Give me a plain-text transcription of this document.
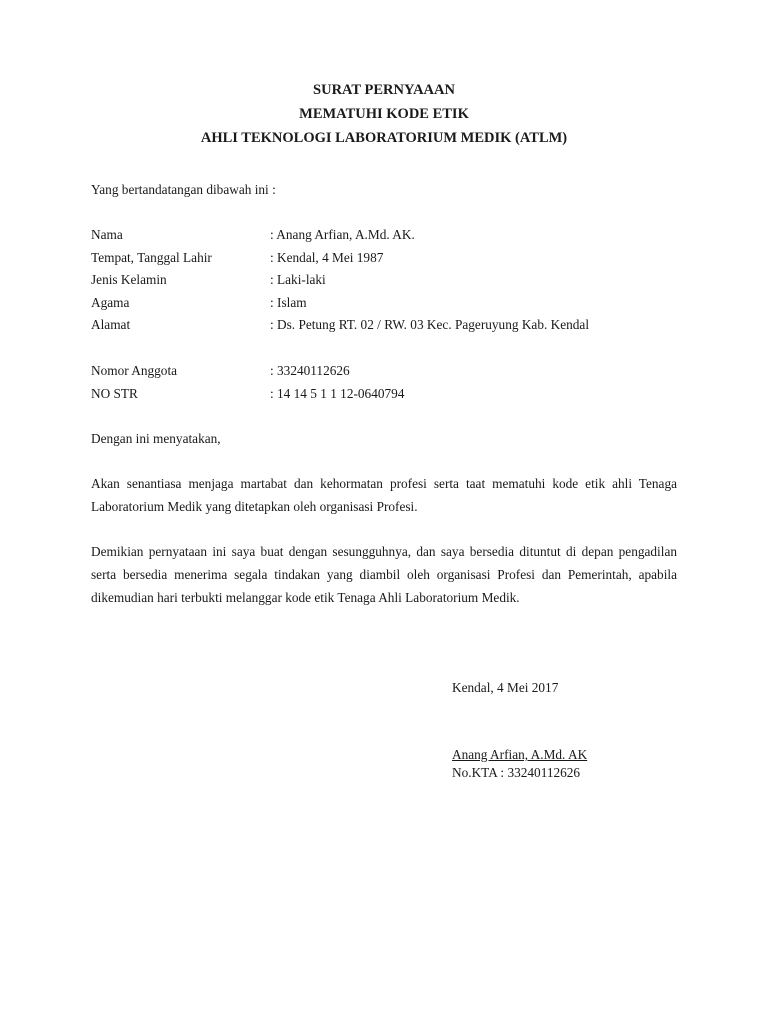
SURAT PERNYAAAN
MEMATUHI KODE ETIK
AHLI TEKNOLOGI LABORATORIUM MEDIK (ATLM)
Yang bertandatangan dibawah ini :
Nama	: Anang Arfian, A.Md. AK.
Tempat, Tanggal Lahir	: Kendal, 4 Mei 1987
Jenis Kelamin	: Laki-laki
Agama	: Islam
Alamat	: Ds. Petung RT. 02 / RW. 03 Kec. Pageruyung Kab. Kendal
Nomor Anggota	: 33240112626
NO STR	: 14 14 5 1 1 12-0640794
Dengan ini menyatakan,
Akan senantiasa menjaga martabat dan kehormatan profesi serta taat mematuhi kode etik ahli Tenaga Laboratorium Medik yang ditetapkan oleh organisasi Profesi.
Demikian pernyataan ini saya buat dengan sesungguhnya, dan saya bersedia dituntut di depan pengadilan serta bersedia menerima segala tindakan yang diambil oleh organisasi Profesi dan Pemerintah, apabila dikemudian hari terbukti melanggar kode etik Tenaga Ahli Laboratorium Medik.
Kendal, 4 Mei 2017
Anang Arfian, A.Md. AK
No.KTA : 33240112626
